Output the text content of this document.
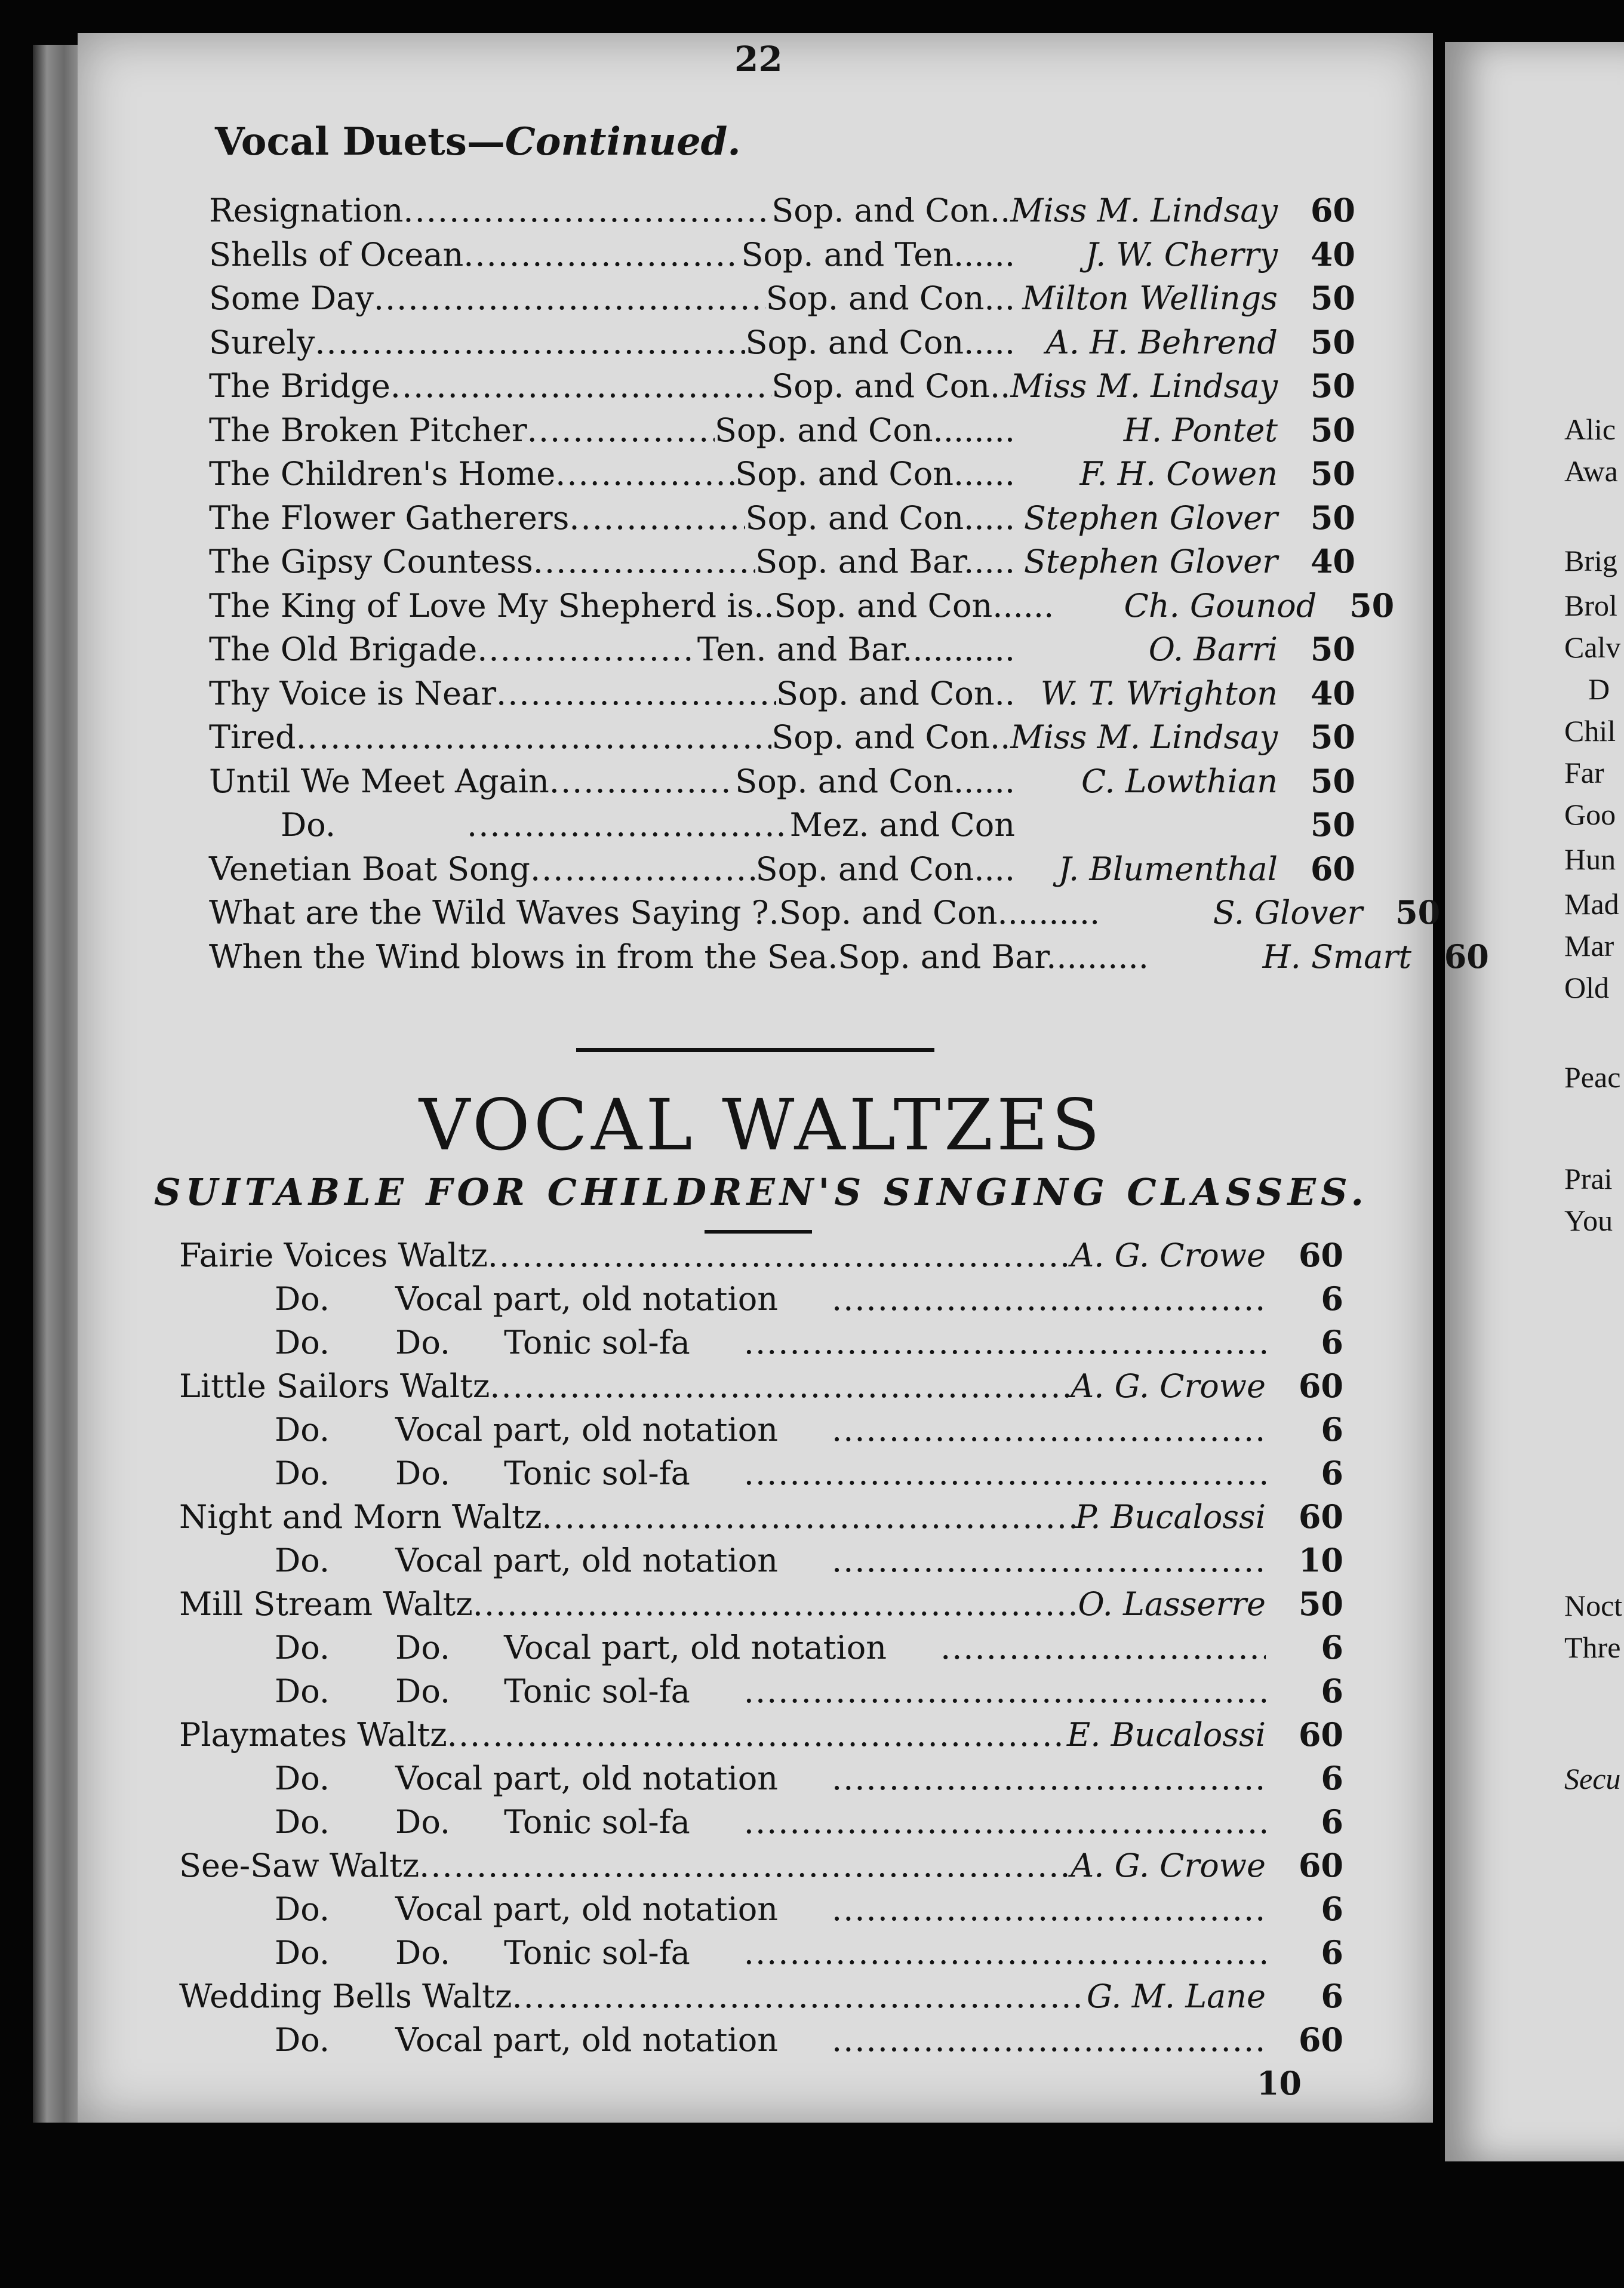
22
Vocal Duets—Continued.
Resignation .....	Sop. and Con.. Miss M. Lindsay 60
Shells of Ocean .....	Sop. and Ten......	J. W. Cherry 40
Some Day .....	Sop. and Con... Milton Wellings 50
Surely .....	Sop. and Con..... A. H. Behrend 50
The Bridge .....	Sop. and Con.. Miss M. Lindsay 50
The Broken Pitcher .....	Sop. and Con........	H. Pontet 50
The Children's Home .....	Sop. and Con......	F. H. Cowen 50
The Flower Gatherers .....	Sop. and Con..... Stephen Glover 50
The Gipsy Countess .....	Sop. and Bar..... Stephen Glover 40
The King of Love My Shepherd is.. Sop. and Con......	Ch. Gounod 50
The Old Brigade .....	Ten. and Bar...........	O. Barri 50
Thy Voice is Near .....	Sop. and Con.. W. T. Wrighton 40
Tired .....	Sop. and Con.. Miss M. Lindsay 50
Until We Meet Again .....	Sop. and Con......	C. Lowthian 50
Do. .....	Mez. and Con	50
Venetian Boat Song .....	Sop. and Con....	J. Blumenthal 60
What are the Wild Waves Saying ?. Sop. and Con..........	S. Glover 50
When the Wind blows in from the Sea. Sop. and Bar..........	H. Smart 60
VOCAL WALTZES
SUITABLE FOR CHILDREN'S SINGING CLASSES.
Fairie Voices Waltz .....	A. G. Crowe 60
Do. Vocal part, old notation .....	6
Do. Do. Tonic sol-fa .....	6
Little Sailors Waltz .....	A. G. Crowe 60
Do. Vocal part, old notation .....	6
Do. Do. Tonic sol-fa .....	6
Night and Morn Waltz .....	P. Bucalossi 60
Do. Vocal part, old notation .....	10
Mill Stream Waltz .....	O. Lasserre 50
Do. Do. Vocal part, old notation .....	6
Do. Do. Tonic sol-fa .....	6
Playmates Waltz .....	E. Bucalossi 60
Do. Vocal part, old notation .....	6
Do. Do. Tonic sol-fa .....	6
See-Saw Waltz .....	A. G. Crowe 60
Do. Vocal part, old notation .....	6
Do. Do. Tonic sol-fa .....	6
Wedding Bells Waltz .....	G. M. Lane	6
Do. Vocal part, old notation .....	60
10
Alic
Awa
Brig
Brol
Calv
D
Chil
Far
Goo
Hun
Mad
Mar
Old
Peac
Prai
You
Noct
Thre
Secu
